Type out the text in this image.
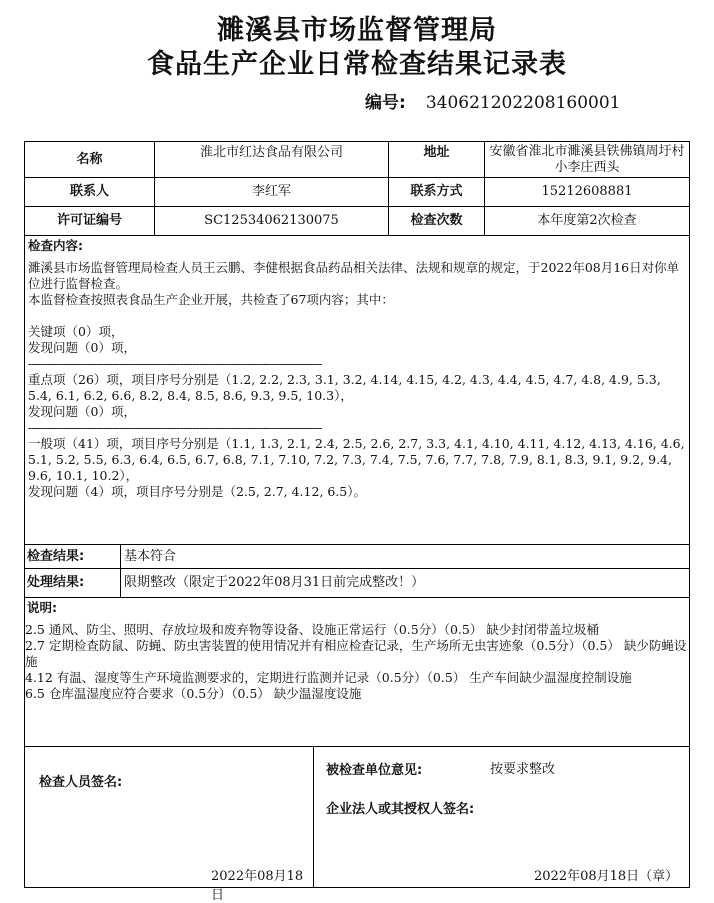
濉溪县市场监督管理局
食品生产企业日常检查结果记录表
编号: 340621202208160001
名称	淮北市红达食品有限公司	地址	安徽省淮北市濉溪县铁佛镇周圩村小李庄西头
联系人	李红军	联系方式	15212608881
许可证编号	SC12534062130075	检查次数	本年度第2次检查

检查内容:

濉溪县市场监督管理局检查人员王云鹏、李健根据食品药品相关法律、法规和规章的规定，于2022年08月16日对你单位进行监督检查。

本监督检查按照表食品生产企业开展，共检查了67项内容；其中：

关键项（0）项，

发现问题（0）项，

-------------------------------------------------------------------------------------------

重点项（26）项，项目序号分别是（1.2, 2.2, 2.3, 3.1, 3.2, 4.14, 4.15, 4.2, 4.3, 4.4, 4.5, 4.7, 4.8, 4.9, 5.3, 5.4, 6.1, 6.2, 6.6, 8.2, 8.4, 8.5, 8.6, 9.3, 9.5, 10.3），

发现问题（0）项，

-------------------------------------------------------------------------------------------

一般项（41）项，项目序号分别是（1.1, 1.3, 2.1, 2.4, 2.5, 2.6, 2.7, 3.3, 4.1, 4.10, 4.11, 4.12, 4.13, 4.16, 4.6, 5.1, 5.2, 5.5, 6.3, 6.4, 6.5, 6.7, 6.8, 7.1, 7.10, 7.2, 7.3, 7.4, 7.5, 7.6, 7.7, 7.8, 7.9, 8.1, 8.3, 9.1, 9.2, 9.4, 9.6, 10.1, 10.2），

发现问题（4）项，项目序号分别是（2.5, 2.7, 4.12, 6.5）。

检查结果:	基本符合
处理结果:	限期整改（限定于2022年08月31日前完成整改！）

说明:

2.5 通风、防尘、照明、存放垃圾和废弃物等设备、设施正常运行（0.5分）（0.5） 缺少封闭带盖垃圾桶

2.7 定期检查防鼠、防蝇、防虫害装置的使用情况并有相应检查记录，生产场所无虫害迹象（0.5分）（0.5） 缺少防蝇设施

4.12 有温、湿度等生产环境监测要求的，定期进行监测并记录（0.5分）（0.5） 生产车间缺少温湿度控制设施

6.5 仓库温湿度应符合要求（0.5分）（0.5） 缺少温湿度设施

检查人员签名:
2022年08月18日
被检查单位意见:	按要求整改
企业法人或其授权人签名:
2022年08月18日（章）
